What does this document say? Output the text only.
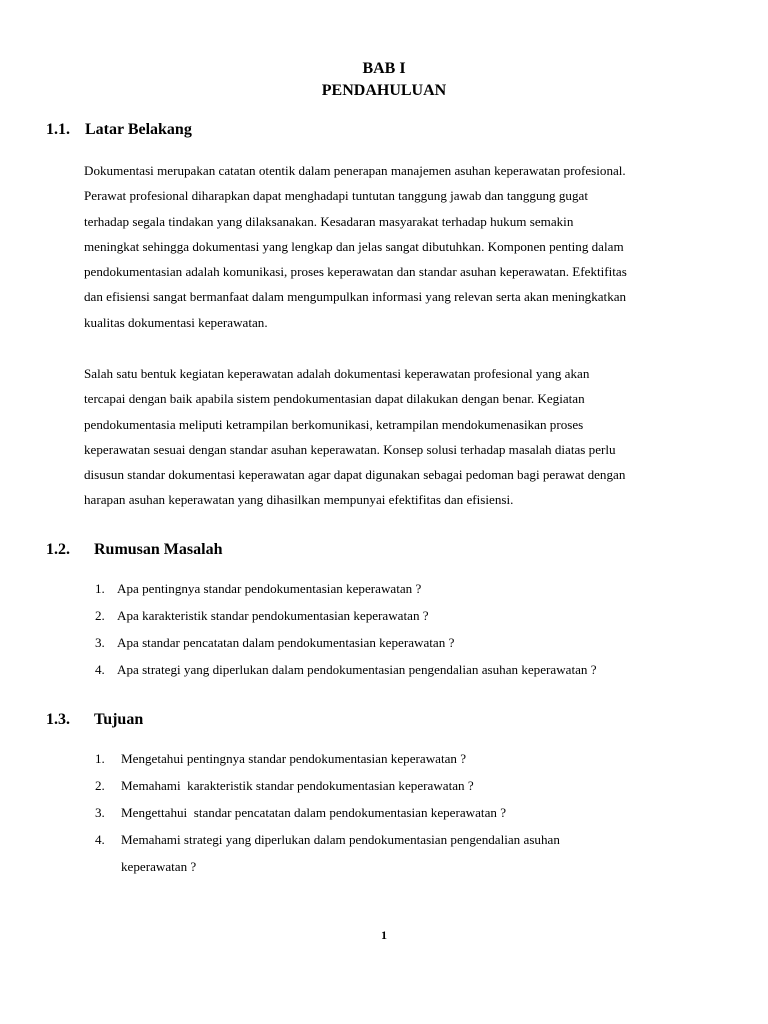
BAB I
PENDAHULUAN
1.1. Latar Belakang
Dokumentasi merupakan catatan otentik dalam penerapan manajemen asuhan keperawatan profesional.
Perawat profesional diharapkan dapat menghadapi tuntutan tanggung jawab dan tanggung gugat
terhadap segala tindakan yang dilaksanakan. Kesadaran masyarakat terhadap hukum semakin
meningkat sehingga dokumentasi yang lengkap dan jelas sangat dibutuhkan. Komponen penting dalam
pendokumentasian adalah komunikasi, proses keperawatan dan standar asuhan keperawatan. Efektifitas
dan efisiensi sangat bermanfaat dalam mengumpulkan informasi yang relevan serta akan meningkatkan
kualitas dokumentasi keperawatan.
Salah satu bentuk kegiatan keperawatan adalah dokumentasi keperawatan profesional yang akan
tercapai dengan baik apabila sistem pendokumentasian dapat dilakukan dengan benar. Kegiatan
pendokumentasia meliputi ketrampilan berkomunikasi, ketrampilan mendokumenasikan proses
keperawatan sesuai dengan standar asuhan keperawatan. Konsep solusi terhadap masalah diatas perlu
disusun standar dokumentasi keperawatan agar dapat digunakan sebagai pedoman bagi perawat dengan
harapan asuhan keperawatan yang dihasilkan mempunyai efektifitas dan efisiensi.
1.2. Rumusan Masalah
1. Apa pentingnya standar pendokumentasian keperawatan ?
2. Apa karakteristik standar pendokumentasian keperawatan ?
3. Apa standar pencatatan dalam pendokumentasian keperawatan ?
4. Apa strategi yang diperlukan dalam pendokumentasian pengendalian asuhan keperawatan ?
1.3. Tujuan
1. Mengetahui pentingnya standar pendokumentasian keperawatan ?
2. Memahami  karakteristik standar pendokumentasian keperawatan ?
3. Mengettahui  standar pencatatan dalam pendokumentasian keperawatan ?
4. Memahami strategi yang diperlukan dalam pendokumentasian pengendalian asuhan
keperawatan ?
1
